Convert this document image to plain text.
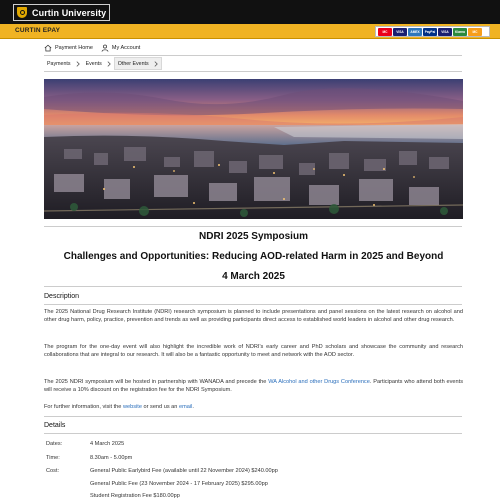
Curtin University
CURTIN EPAY	MC	VISA	AMEX	PayPal	VISA	Klarna	MC
Payment Home	My Account
Payments	Events	Other Events
NDRI 2025 Symposium
Challenges and Opportunities: Reducing AOD-related Harm in 2025 and Beyond
4 March 2025
Description
The 2025 National Drug Research Institute (NDRI) research symposium is planned to include presentations and panel sessions on the latest research on alcohol and other drug harm, policy, practice, prevention and trends as well as providing participants direct access to established world leaders in alcohol and other drug research.
The program for the one-day event will also highlight the incredible work of NDRI's early career and PhD scholars and showcase the community and research collaborations that are integral to our research. It will also be a fantastic opportunity to meet and network with the AOD sector.
The 2025 NDRI symposium will be hosted in partnership with WANADA and precede the WA Alcohol and other Drugs Conference. Participants who attend both events will receive a 10% discount on the registration fee for the NDRI Symposium.
For further information, visit the website or send us an email.
Details
Dates:	4 March 2025
Time:	8.30am - 5.00pm
Cost:	General Public Earlybird Fee (available until 22 November 2024) $240.00pp
General Public Fee (23 November 2024 - 17 February 2025) $295.00pp
Student Registration Fee $180.00pp
